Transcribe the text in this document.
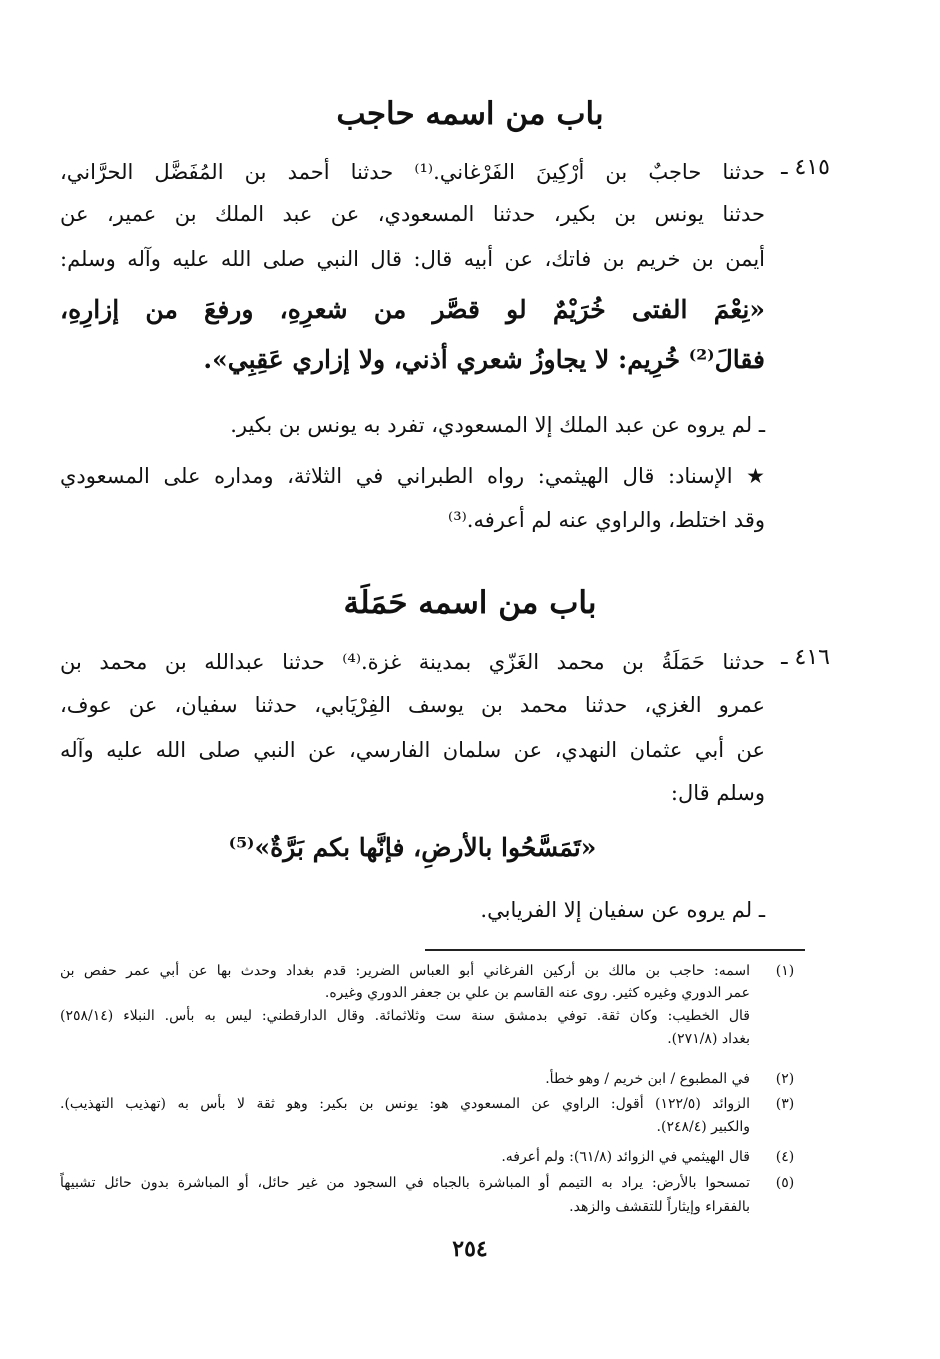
باب من اسمه حاجب
٤١٥ ـ
حدثنا حاجبٌ بن أرْكِينَ الفَرْغاني.⁽¹⁾ حدثنا أحمد بن المُفَضَّل الحرَّاني،
حدثنا يونس بن بكير، حدثنا المسعودي، عن عبد الملك بن عمير، عن
أيمن بن خريم بن فاتك، عن أبيه قال: قال النبي صلى الله عليه وآله وسلم:
«نِعْمَ الفتى خُرَيْمٌ لو قصَّر من شعرِهِ، ورفعَ من إزارِهِ،
فقالَ⁽²⁾ خُرِيم: لا يجاوزُ شعري أذني، ولا إزاري عَقِبِي».
ـ لم يروه عن عبد الملك إلا المسعودي، تفرد به يونس بن بكير.
★ الإسناد: قال الهيثمي: رواه الطبراني في الثلاثة، ومداره على المسعودي
وقد اختلط، والراوي عنه لم أعرفه.⁽³⁾
باب من اسمه حَمَلَة
٤١٦ ـ
حدثنا حَمَلَةُ بن محمد الغَزّي بمدينة غزة.⁽⁴⁾ حدثنا عبدالله بن محمد بن
عمرو الغزي، حدثنا محمد بن يوسف الفِرْيَابي، حدثنا سفيان، عن عوف،
عن أبي عثمان النهدي، عن سلمان الفارسي، عن النبي صلى الله عليه وآله
وسلم قال:
«تَمَسَّحُوا بالأرضِ، فإنَّها بكم بَرَّةٌ»⁽⁵⁾
ـ لم يروه عن سفيان إلا الفريابي.
(١)
اسمه: حاجب بن مالك بن أركين الفرغاني أبو العباس الضرير: قدم بغداد وحدث بها عن أبي عمر حفص بن
عمر الدوري وغيره كثير. روى عنه القاسم بن علي بن جعفر الدوري وغيره.
قال الخطيب: وكان ثقة. توفي بدمشق سنة ست وثلاثمائة. وقال الدارقطني: ليس به بأس. النبلاء (٢٥٨/١٤)
بغداد (٢٧١/٨).
(٢)
في المطبوع / ابن خريم / وهو خطأ.
(٣)
الزوائد (١٢٢/٥) أقول: الراوي عن المسعودي هو: يونس بن بكير: وهو ثقة لا بأس به (تهذيب التهذيب).
والكبير (٢٤٨/٤).
(٤)
قال الهيثمي في الزوائد (٦١/٨): ولم أعرفه.
(٥)
تمسحوا بالأرض: يراد به التيمم أو المباشرة بالجباه في السجود من غير حائل، أو المباشرة بدون حائل تشبيهاً
بالفقراء وإيثاراً للتقشف والزهد.
٢٥٤
